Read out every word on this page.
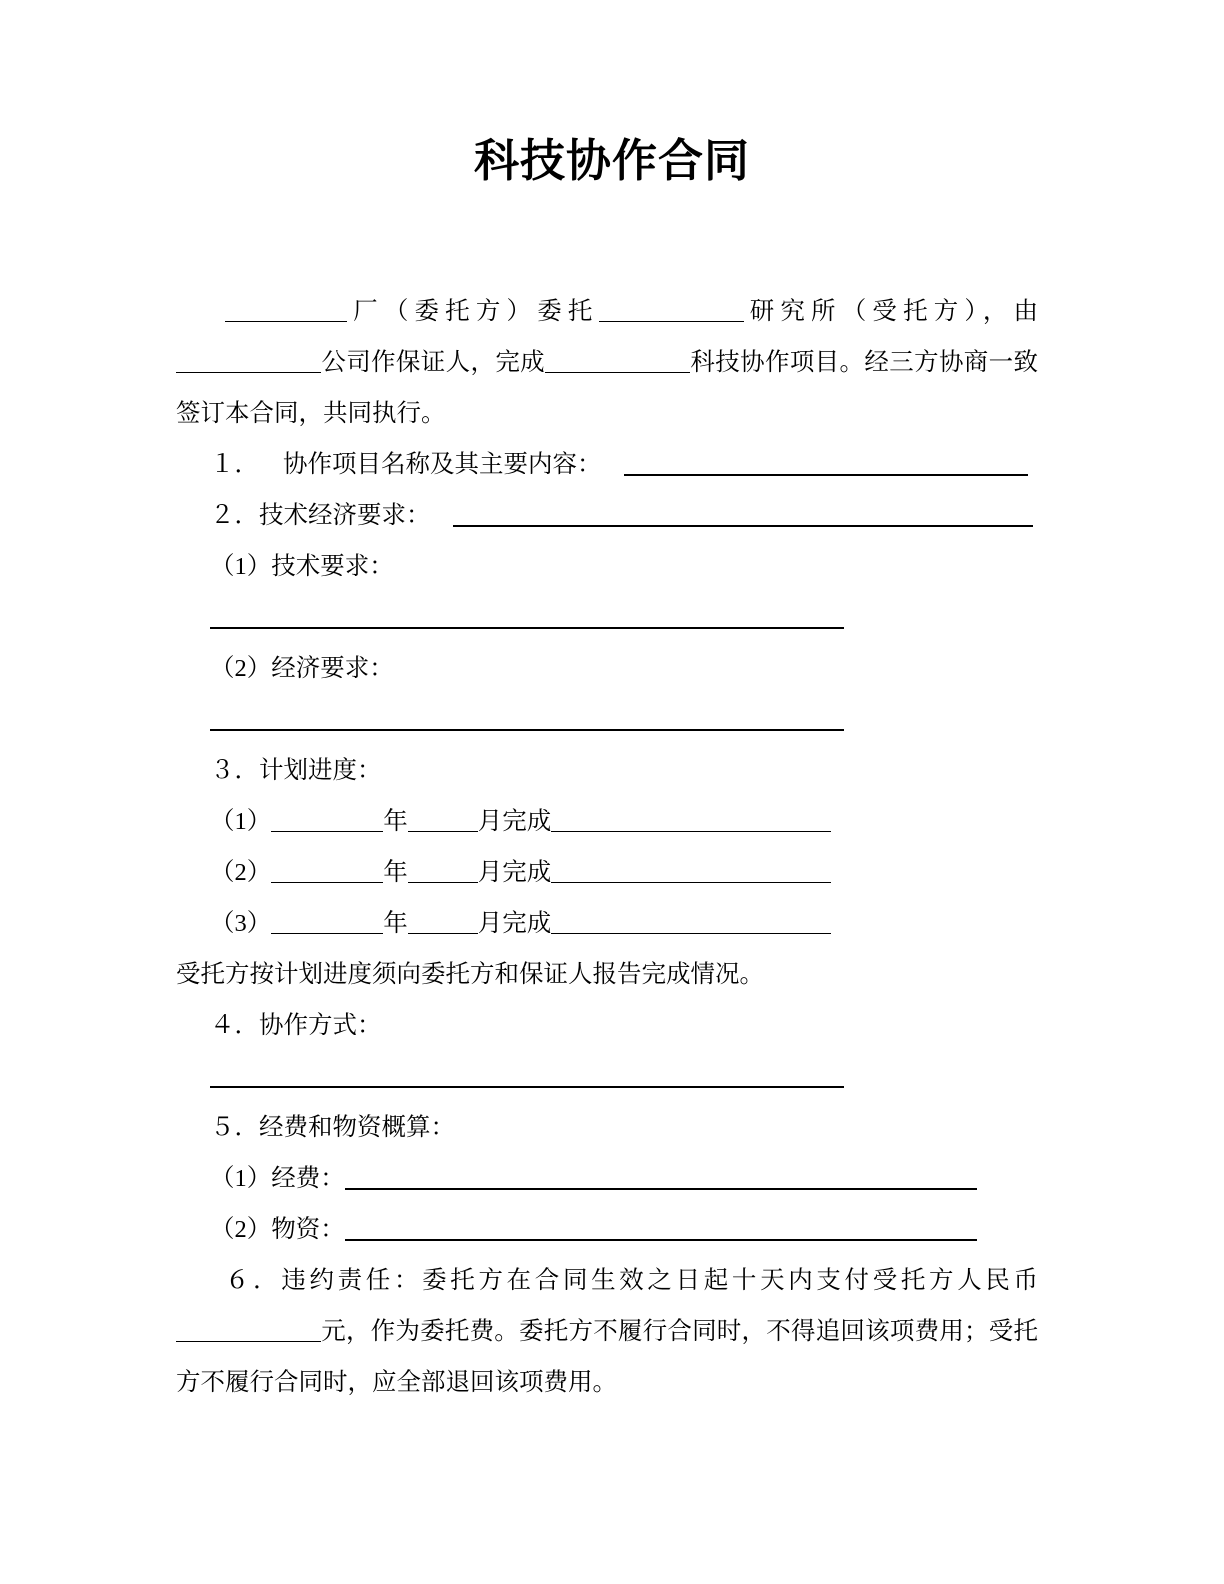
科技协作合同

厂（委托方）委托	研究所（受托方），由公司作保证人，完成	科技协作项目。经三方协商一致签订本合同，共同执行。

１． 协作项目名称及其主要内容：
２．技术经济要求：
（1）技术要求：
（2）经济要求：
３．计划进度：
（1）	年	月完成
（2）	年	月完成
（3）	年	月完成
受托方按计划进度须向委托方和保证人报告完成情况。
４．协作方式：
５．经费和物资概算：
（1）经费：
（2）物资：

６．违约责任：委托方在合同生效之日起十天内支付受托方人民币元，作为委托费。委托方不履行合同时，不得追回该项费用；受托方不履行合同时，应全部退回该项费用。
